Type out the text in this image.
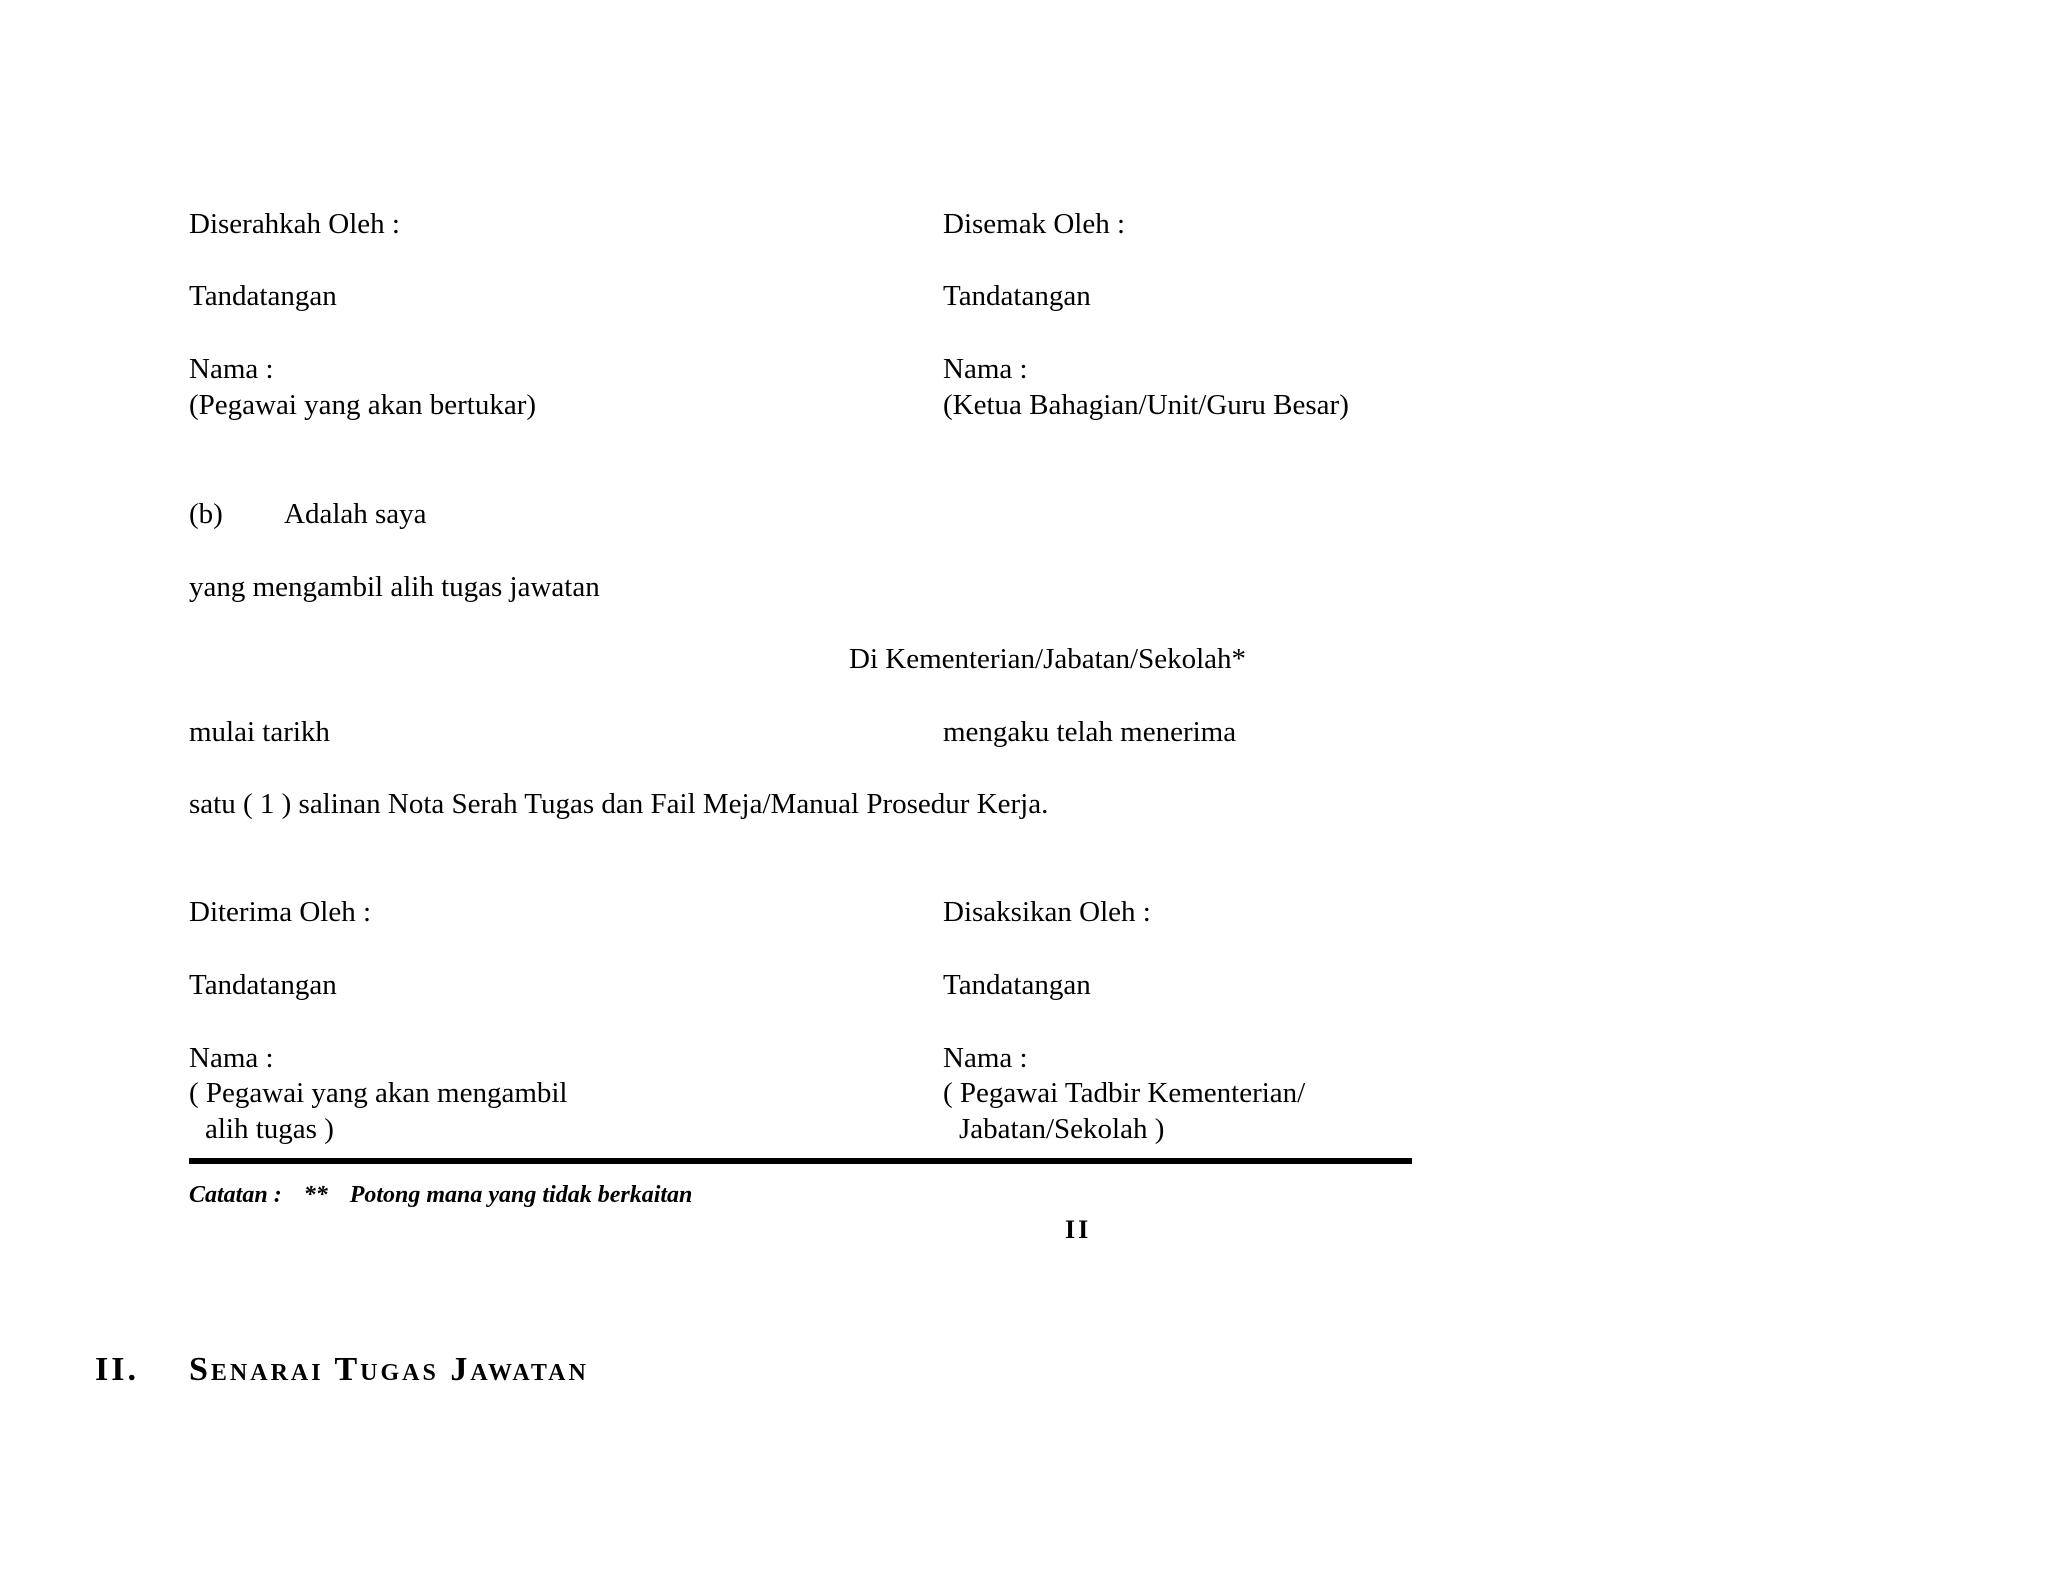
Diserahkah Oleh :	Disemak Oleh :
Tandatangan	Tandatangan
Nama :	Nama :
(Pegawai yang akan bertukar)	(Ketua Bahagian/Unit/Guru Besar)
(b) Adalah saya
yang mengambil alih tugas jawatan
Di Kementerian/Jabatan/Sekolah*
mulai tarikh	mengaku telah menerima
satu ( 1 ) salinan Nota Serah Tugas dan Fail Meja/Manual Prosedur Kerja.
Diterima Oleh :	Disaksikan Oleh :
Tandatangan	Tandatangan
Nama :	Nama :
( Pegawai yang akan mengambil	( Pegawai Tadbir Kementerian/
alih tugas )	Jabatan/Sekolah )
Catatan : ** Potong mana yang tidak berkaitan
II
II. Senarai Tugas Jawatan
